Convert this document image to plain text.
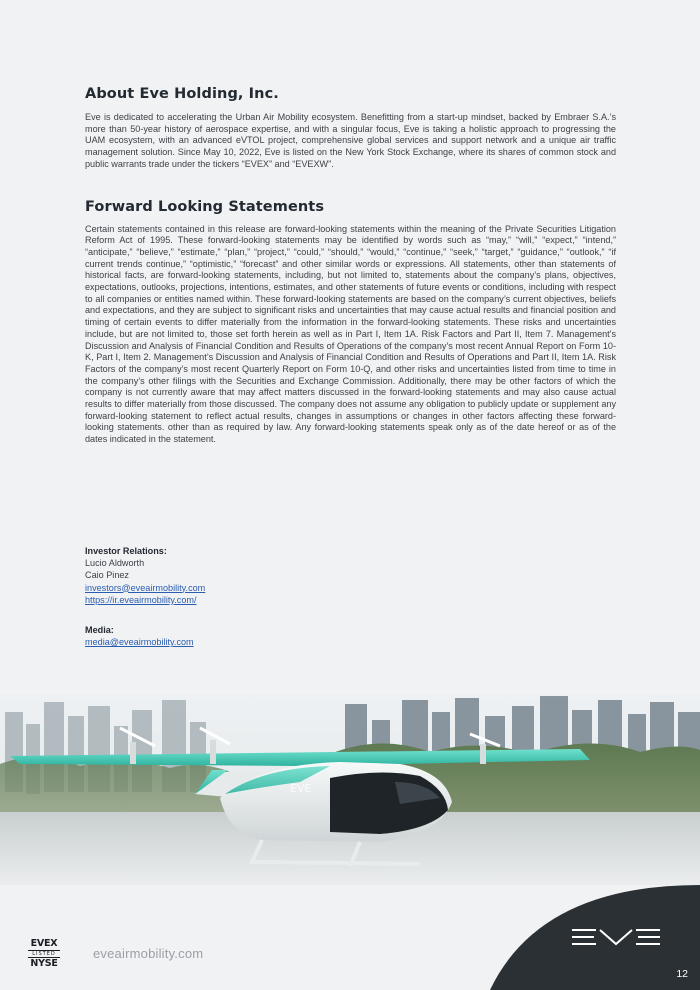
About Eve Holding, Inc.

Eve is dedicated to accelerating the Urban Air Mobility ecosystem. Benefitting from a start-up mindset, backed by Embraer S.A.’s more than 50-year history of aerospace expertise, and with a singular focus, Eve is taking a holistic approach to progressing the UAM ecosystem, with an advanced eVTOL project, comprehensive global services and support network and a unique air traffic management solution. Since May 10, 2022, Eve is listed on the New York Stock Exchange, where its shares of common stock and public warrants trade under the tickers “EVEX” and “EVEXW”.

Forward Looking Statements

Certain statements contained in this release are forward-looking statements within the meaning of the Private Securities Litigation Reform Act of 1995. These forward-looking statements may be identified by words such as “may,” “will,” “expect,” “intend,” “anticipate,” “believe,” “estimate,” “plan,” “project,” “could,” “should,” “would,” “continue,” “seek,” “target,” “guidance,” “outlook,” “if current trends continue,” “optimistic,” “forecast” and other similar words or expressions. All statements, other than statements of historical facts, are forward-looking statements, including, but not limited to, statements about the company’s plans, objectives, expectations, outlooks, projections, intentions, estimates, and other statements of future events or conditions, including with respect to all companies or entities named within. These forward-looking statements are based on the company’s current objectives, beliefs and expectations, and they are subject to significant risks and uncertainties that may cause actual results and financial position and timing of certain events to differ materially from the information in the forward-looking statements. These risks and uncertainties include, but are not limited to, those set forth herein as well as in Part I, Item 1A. Risk Factors and Part II, Item 7. Management's Discussion and Analysis of Financial Condition and Results of Operations of the company’s most recent Annual Report on Form 10-K, Part I, Item 2. Management’s Discussion and Analysis of Financial Condition and Results of Operations and Part II, Item 1A. Risk Factors of the company’s most recent Quarterly Report on Form 10-Q, and other risks and uncertainties listed from time to time in the company’s other filings with the Securities and Exchange Commission. Additionally, there may be other factors of which the company is not currently aware that may affect matters discussed in the forward-looking statements and may also cause actual results to differ materially from those discussed. The company does not assume any obligation to publicly update or supplement any forward-looking statement to reflect actual results, changes in assumptions or changes in other factors affecting these forward-looking statements. other than as required by law. Any forward-looking statements speak only as of the date hereof or as of the dates indicated in the statement.

Investor Relations:
Lucio Aldworth
Caio Pinez
investors@eveairmobility.com
https://ir.eveairmobility.com/
Media:
media@eveairmobility.com
EVE
EVEX
LISTED
NYSE
eveairmobility.com
12
